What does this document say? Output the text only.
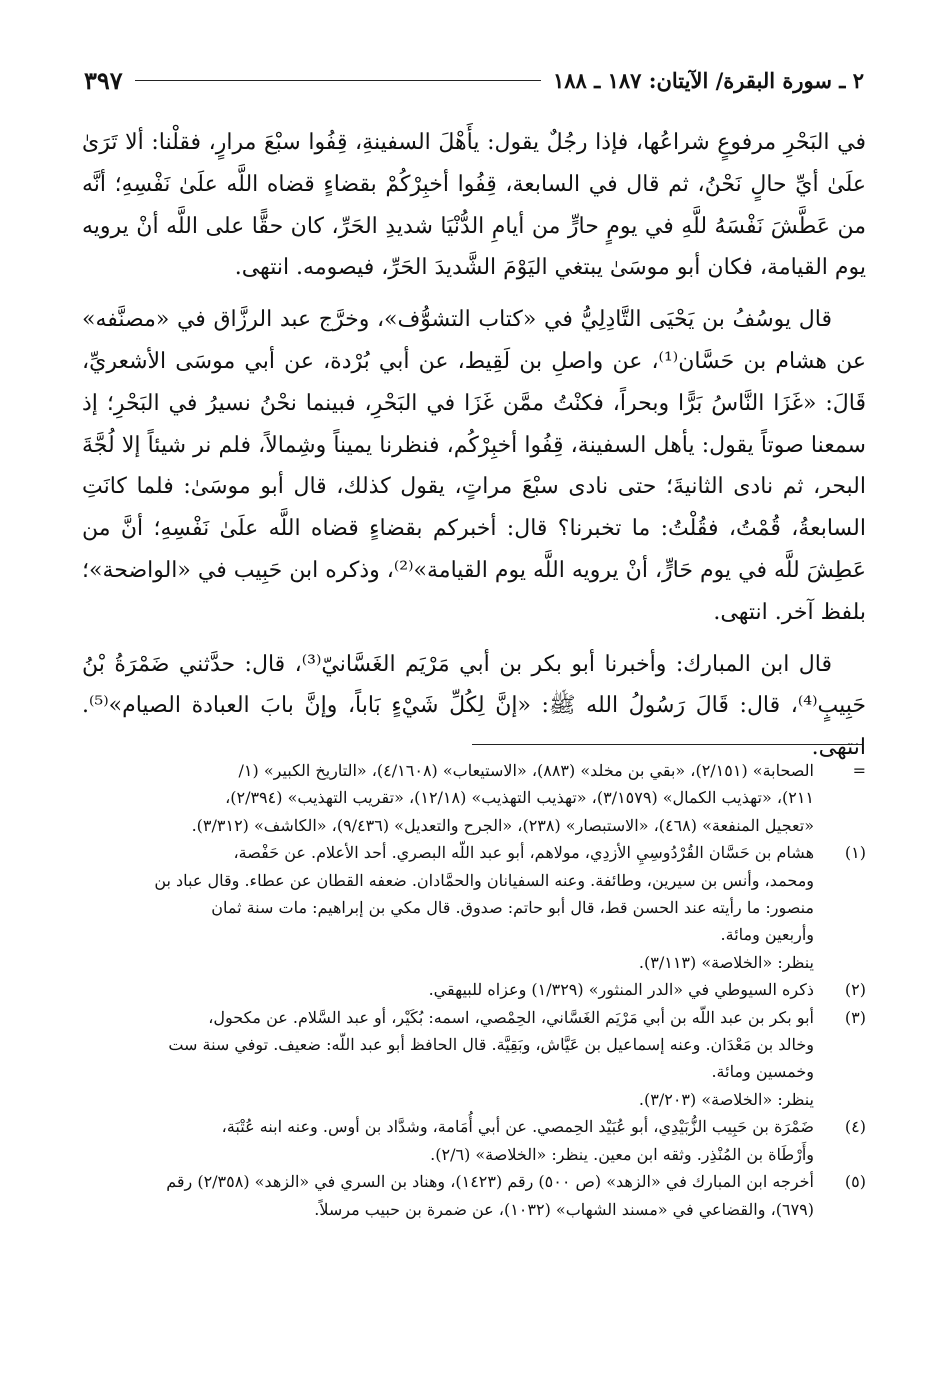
٢ ـ سورة البقرة/ الآيتان: ١٨٧ ـ ١٨٨
٣٩٧

في البَحْرِ مرفوعٍ شراعُها، فإذا رجُلٌ يقول: يأَهْلَ السفينةِ، قِفُوا سبْعَ مرارٍ، فقلْنا: ألا تَرَىٰ علَىٰ أيِّ حالٍ نَحْنُ، ثم قال في السابعة، قِفُوا أخبِرْكُمْ بقضاءٍ قضاه اللَّه علَىٰ نَفْسِهِ؛ أنَّه من عَطَّشَ نَفْسَهُ للَّهِ في يومٍ حارٍّ من أيامِ الدُّنْيَا شديدِ الحَرِّ، كان حقًّا على اللَّه أنْ يرويه يوم القيامة، فكان أبو موسَىٰ يبتغي اليَوْمَ الشَّديدَ الحَرِّ، فيصومه. انتهى.

قال يوسُفُ بن يَحْيَى التَّادِلِيُّ في «كتاب التشوُّف»، وخرَّج عبد الرزَّاق في «مصنَّفه» عن هشام بن حَسَّان⁽¹⁾، عن واصلِ بن لَقِيط، عن أبي بُرْدة، عن أبي موسَى الأشعريِّ، قَالَ: «غَزَا النَّاسُ بَرًّا وبحراً، فكنْتُ ممَّن غَزَا في البَحْرِ، فبينما نحْنُ نسيرُ في البَحْرِ؛ إذ سمعنا صوتاً يقول: يأهل السفينة، قِفُوا أخبِرْكُم، فنظرنا يميناً وشِمالاً، فلم نر شيئاً إلا لُجَّةَ البحر، ثم نادى الثانيةَ؛ حتى نادى سبْعَ مراتٍ، يقول كذلك، قال أبو موسَىٰ: فلما كانَتِ السابعةُ، قُمْتُ، فقُلْتُ: ما تخبرنا؟ قال: أخبركم بقضاءٍ قضاه اللَّه علَىٰ نَفْسِهِ؛ أنَّ من عَطِشَ للَّه في يوم حَارٍّ، أنْ يرويه اللَّه يوم القيامة»⁽²⁾، وذكره ابن حَبِيب في «الواضحة»؛ بلفظ آخر. انتهى.

قال ابن المبارك: وأخبرنا أبو بكر بن أبي مَرْيَم الغَسَّانيّ⁽³⁾، قال: حدَّثني ضَمْرَةُ بْنُ حَبِيبٍ⁽⁴⁾، قال: قَالَ رَسُولُ الله ﷺ: «إنَّ لِكُلِّ شَيْءٍ بَاباً، وإنَّ بابَ العبادة الصيام»⁽⁵⁾. انتهى.

=

الصحابة» (٢/١٥١)، «بقي بن مخلد» (٨٨٣)، «الاستيعاب» (٤/١٦٠٨)، «التاريخ الكبير» (١/

٢١١)، «تهذيب الكمال» (٣/١٥٧٩)، «تهذيب التهذيب» (١٢/١٨)، «تقريب التهذيب» (٢/٣٩٤)،

«تعجيل المنفعة» (٤٦٨)، «الاستبصار» (٢٣٨)، «الجرح والتعديل» (٩/٤٣٦)، «الكاشف» (٣/٣١٢).

(١)

هشام بن حَسَّان القُرْدُوسِيِ الأزدِي، مولاهم، أبو عبد اللّه البصري. أحد الأعلام. عن حَفْصة،

ومحمد، وأنس بن سيرين، وطائفة. وعنه السفيانان والحمَّادان. ضعفه القطان عن عطاء. وقال عباد بن

منصور: ما رأيته عند الحسن قط، قال أبو حاتم: صدوق. قال مكي بن إبراهيم: مات سنة ثمان

وأربعين ومائة.

ينظر: «الخلاصة» (٣/١١٣).

(٢)

ذكره السيوطي في «الدر المنثور» (١/٣٢٩) وعزاه للبيهقي.

(٣)

أبو بكر بن عبد اللّه بن أبي مَرْيَم الغَسَّاني، الحِمْصي، اسمه: بُكَيْر، أو عبد السَّلام. عن مكحول،

وخالد بن مَعْدَان. وعنه إسماعيل بن عَيَّاش، وبَقِيَّة. قال الحافظ أبو عبد اللّه: ضعيف. توفي سنة ست

وخمسين ومائة.

ينظر: «الخلاصة» (٣/٢٠٣).

(٤)

ضَمْرَة بن حَبِيب الزُّبَيْدِي، أبو عُبَيْد الحِمصي. عن أبي أُمَامة، وشدَّاد بن أوس. وعنه ابنه عُتْبَة،

وأَرْطَاة بن المُنْذِر. وثقه ابن معين. ينظر: «الخلاصة» (٢/٦).

(٥)

أخرجه ابن المبارك في «الزهد» (ص ٥٠٠) رقم (١٤٢٣)، وهناد بن السري في «الزهد» (٢/٣٥٨) رقم

(٦٧٩)، والقضاعي في «مسند الشهاب» (١٠٣٢)، عن ضمرة بن حبيب مرسلاً.
